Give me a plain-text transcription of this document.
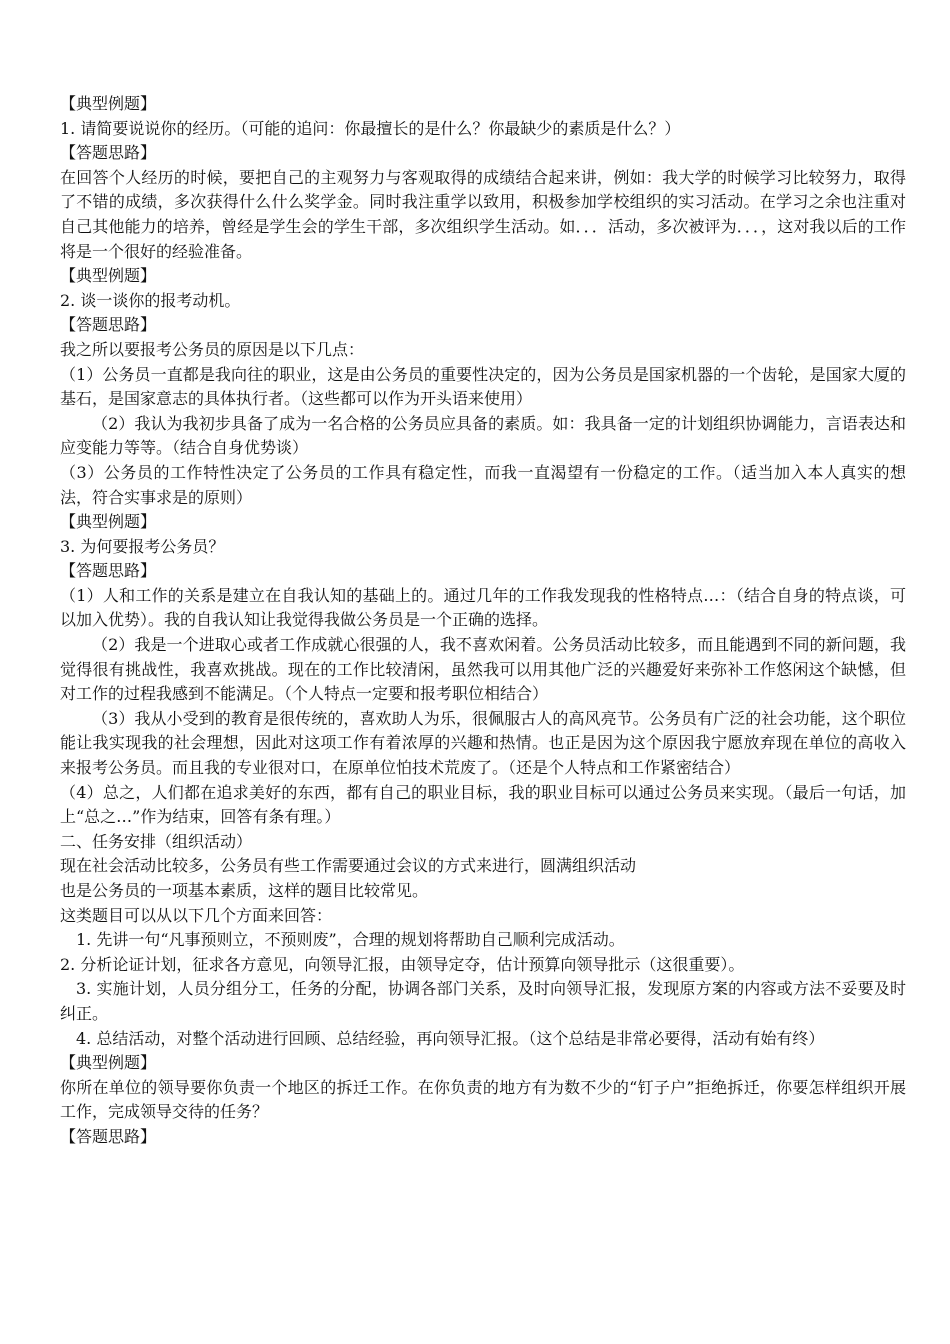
【典型例题】

1. 请简要说说你的经历。（可能的追问：你最擅长的是什么？你最缺少的素质是什么？）

【答题思路】

在回答个人经历的时候，要把自己的主观努力与客观取得的成绩结合起来讲，例如：我大学的时候学习比较努力，取得了不错的成绩，多次获得什么什么奖学金。同时我注重学以致用，积极参加学校组织的实习活动。在学习之余也注重对自己其他能力的培养，曾经是学生会的学生干部，多次组织学生活动。如．．．活动，多次被评为．．．，这对我以后的工作将是一个很好的经验准备。

【典型例题】

2. 谈一谈你的报考动机。

【答题思路】

我之所以要报考公务员的原因是以下几点：

（1）公务员一直都是我向往的职业，这是由公务员的重要性决定的，因为公务员是国家机器的一个齿轮，是国家大厦的基石，是国家意志的具体执行者。（这些都可以作为开头语来使用）

（2）我认为我初步具备了成为一名合格的公务员应具备的素质。如：我具备一定的计划组织协调能力，言语表达和应变能力等等。（结合自身优势谈）

（3）公务员的工作特性决定了公务员的工作具有稳定性，而我一直渴望有一份稳定的工作。（适当加入本人真实的想法，符合实事求是的原则）

【典型例题】

3. 为何要报考公务员？

【答题思路】

（1）人和工作的关系是建立在自我认知的基础上的。通过几年的工作我发现我的性格特点…：（结合自身的特点谈，可以加入优势）。我的自我认知让我觉得我做公务员是一个正确的选择。

（2）我是一个进取心或者工作成就心很强的人，我不喜欢闲着。公务员活动比较多，而且能遇到不同的新问题，我觉得很有挑战性，我喜欢挑战。现在的工作比较清闲，虽然我可以用其他广泛的兴趣爱好来弥补工作悠闲这个缺憾，但对工作的过程我感到不能满足。（个人特点一定要和报考职位相结合）

（3）我从小受到的教育是很传统的，喜欢助人为乐，很佩服古人的高风亮节。公务员有广泛的社会功能，这个职位能让我实现我的社会理想，因此对这项工作有着浓厚的兴趣和热情。也正是因为这个原因我宁愿放弃现在单位的高收入来报考公务员。而且我的专业很对口，在原单位怕技术荒废了。（还是个人特点和工作紧密结合）

（4）总之，人们都在追求美好的东西，都有自己的职业目标，我的职业目标可以通过公务员来实现。（最后一句话，加上“总之…”作为结束，回答有条有理。）

二、任务安排（组织活动）

现在社会活动比较多，公务员有些工作需要通过会议的方式来进行，圆满组织活动

也是公务员的一项基本素质，这样的题目比较常见。

这类题目可以从以下几个方面来回答：

1. 先讲一句“凡事预则立，不预则废”，合理的规划将帮助自己顺利完成活动。

2. 分析论证计划，征求各方意见，向领导汇报，由领导定夺，估计预算向领导批示（这很重要）。

3. 实施计划，人员分组分工，任务的分配，协调各部门关系，及时向领导汇报，发现原方案的内容或方法不妥要及时纠正。

4. 总结活动，对整个活动进行回顾、总结经验，再向领导汇报。（这个总结是非常必要得，活动有始有终）

【典型例题】

你所在单位的领导要你负责一个地区的拆迁工作。在你负责的地方有为数不少的“钉子户”拒绝拆迁，你要怎样组织开展工作，完成领导交待的任务？

【答题思路】
